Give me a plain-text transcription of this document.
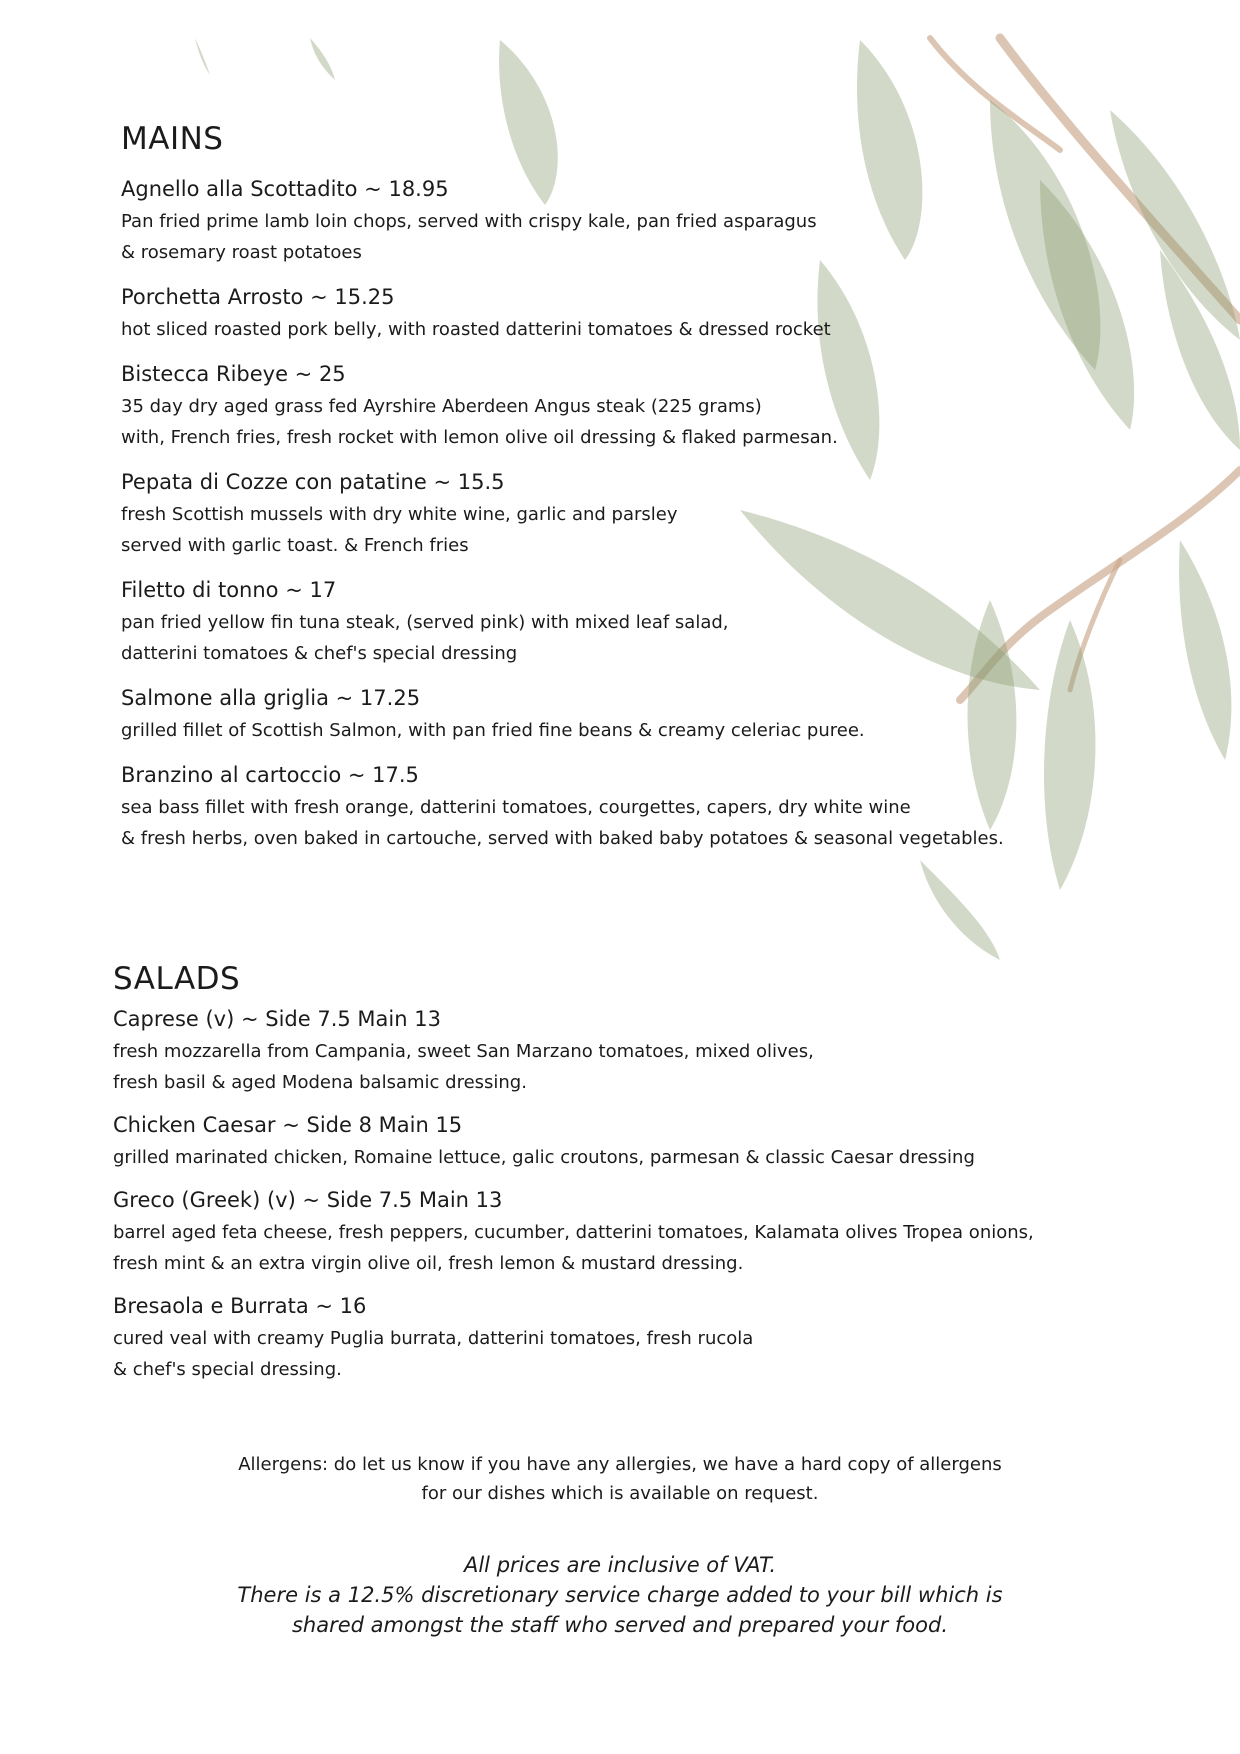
MAINS
Agnello alla Scottadito ~ 18.95
Pan fried prime lamb loin chops, served with crispy kale, pan fried asparagus
& rosemary roast potatoes
Porchetta Arrosto ~ 15.25
hot sliced roasted pork belly, with roasted datterini tomatoes & dressed rocket
Bistecca Ribeye ~ 25
35 day dry aged grass fed Ayrshire Aberdeen Angus steak (225 grams)
with, French fries, fresh rocket with lemon olive oil dressing & flaked parmesan.
Pepata di Cozze con patatine ~ 15.5
fresh Scottish mussels with dry white wine, garlic and parsley
served with garlic toast. & French fries
Filetto di tonno ~ 17
pan fried yellow fin tuna steak, (served pink) with mixed leaf salad,
datterini tomatoes & chef's special dressing
Salmone alla griglia ~ 17.25
grilled fillet of Scottish Salmon, with pan fried fine beans & creamy celeriac puree.
Branzino al cartoccio ~ 17.5
sea bass fillet with fresh orange, datterini tomatoes, courgettes, capers, dry white wine
& fresh herbs, oven baked in cartouche, served with baked baby potatoes & seasonal vegetables.
SALADS
Caprese (v) ~ Side 7.5 Main 13
fresh mozzarella from Campania, sweet San Marzano tomatoes, mixed olives,
fresh basil & aged Modena balsamic dressing.
Chicken Caesar ~ Side 8 Main 15
grilled marinated chicken, Romaine lettuce, galic croutons, parmesan & classic Caesar dressing
Greco (Greek) (v) ~ Side 7.5 Main 13
barrel aged feta cheese, fresh peppers, cucumber, datterini tomatoes, Kalamata olives Tropea onions,
fresh mint & an extra virgin olive oil, fresh lemon & mustard dressing.
Bresaola e Burrata ~ 16
cured veal with creamy Puglia burrata, datterini tomatoes, fresh rucola
& chef's special dressing.
Allergens: do let us know if you have any allergies, we have a hard copy of allergens
for our dishes which is available on request.
All prices are inclusive of VAT.
There is a 12.5% discretionary service charge added to your bill which is
shared amongst the staff who served and prepared your food.
